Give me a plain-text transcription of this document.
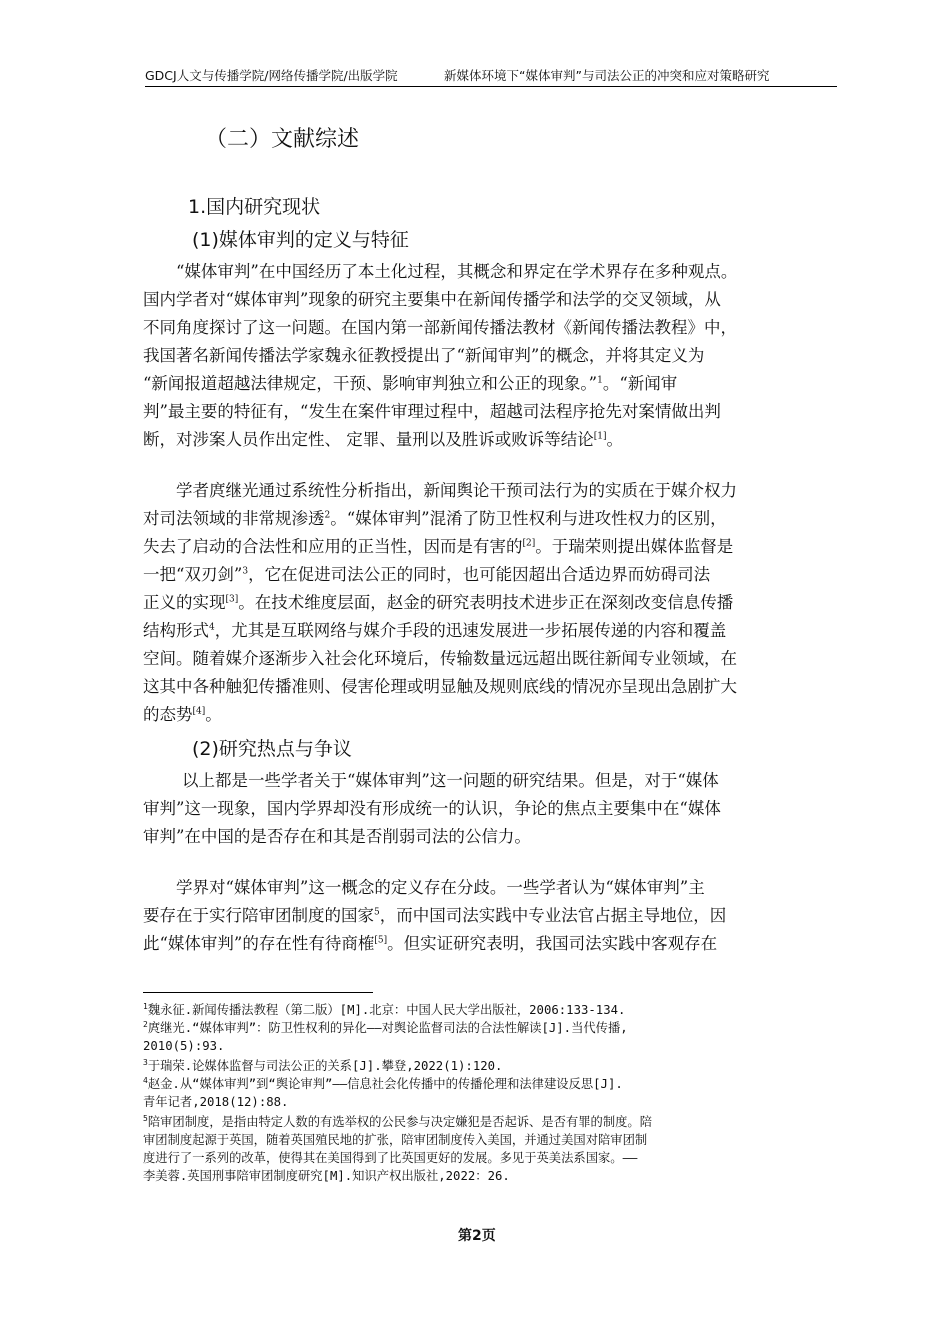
GDCJ人文与传播学院/网络传播学院/出版学院	新媒体环境下“媒体审判”与司法公正的冲突和应对策略研究
（二）文献综述
1.国内研究现状
(1)媒体审判的定义与特征
“媒体审判”在中国经历了本土化过程，其概念和界定在学术界存在多种观点。
国内学者对“媒体审判”现象的研究主要集中在新闻传播学和法学的交叉领域，从
不同角度探讨了这一问题。在国内第一部新闻传播法教材《新闻传播法教程》中，
我国著名新闻传播法学家魏永征教授提出了“新闻审判”的概念，并将其定义为
“新闻报道超越法律规定，干预、影响审判独立和公正的现象。”$^1$。“新闻审
判”最主要的特征有，“发生在案件审理过程中，超越司法程序抢先对案情做出判
断，对涉案人员作出定性、 定罪、量刑以及胜诉或败诉等结论[1]。
学者庹继光通过系统性分析指出，新闻舆论干预司法行为的实质在于媒介权力
对司法领域的非常规渗透$^2$。“媒体审判”混淆了防卫性权利与进攻性权力的区别，
失去了启动的合法性和应用的正当性，因而是有害的[2]。于瑞荣则提出媒体监督是
一把“双刃剑”$^3$，它在促进司法公正的同时，也可能因超出合适边界而妨碍司法
正义的实现[3]。在技术维度层面，赵金的研究表明技术进步正在深刻改变信息传播
结构形式$^4$，尤其是互联网络与媒介手段的迅速发展进一步拓展传递的内容和覆盖
空间。随着媒介逐渐步入社会化环境后，传输数量远远超出既往新闻专业领域，在
这其中各种触犯传播准则、侵害伦理或明显触及规则底线的情况亦呈现出急剧扩大
的态势[4]。
(2)研究热点与争议
以上都是一些学者关于“媒体审判”这一问题的研究结果。但是，对于“媒体
审判”这一现象，国内学界却没有形成统一的认识，争论的焦点主要集中在“媒体
审判”在中国的是否存在和其是否削弱司法的公信力。
学界对“媒体审判”这一概念的定义存在分歧。一些学者认为“媒体审判”主
要存在于实行陪审团制度的国家$^5$，而中国司法实践中专业法官占据主导地位，因
此“媒体审判”的存在性有待商榷[5]。但实证研究表明，我国司法实践中客观存在
$^1$魏永征.新闻传播法教程（第二版）[M].北京：中国人民大学出版社，2006:133-134.
$^2$庹继光.“媒体审判”：防卫性权利的异化——对舆论监督司法的合法性解读[J].当代传播,
2010(5):93.
$^3$于瑞荣.论媒体监督与司法公正的关系[J].攀登,2022(1):120.
$^4$赵金.从“媒体审判”到“舆论审判”——信息社会化传播中的传播伦理和法律建设反思[J].
青年记者,2018(12):88.
$^5$陪审团制度，是指由特定人数的有选举权的公民参与决定嫌犯是否起诉、是否有罪的制度。陪
审团制度起源于英国，随着英国殖民地的扩张，陪审团制度传入美国，并通过美国对陪审团制
度进行了一系列的改革，使得其在美国得到了比英国更好的发展。多见于英美法系国家。——
李美蓉.英国刑事陪审团制度研究[M].知识产权出版社,2022：26.
第2页
